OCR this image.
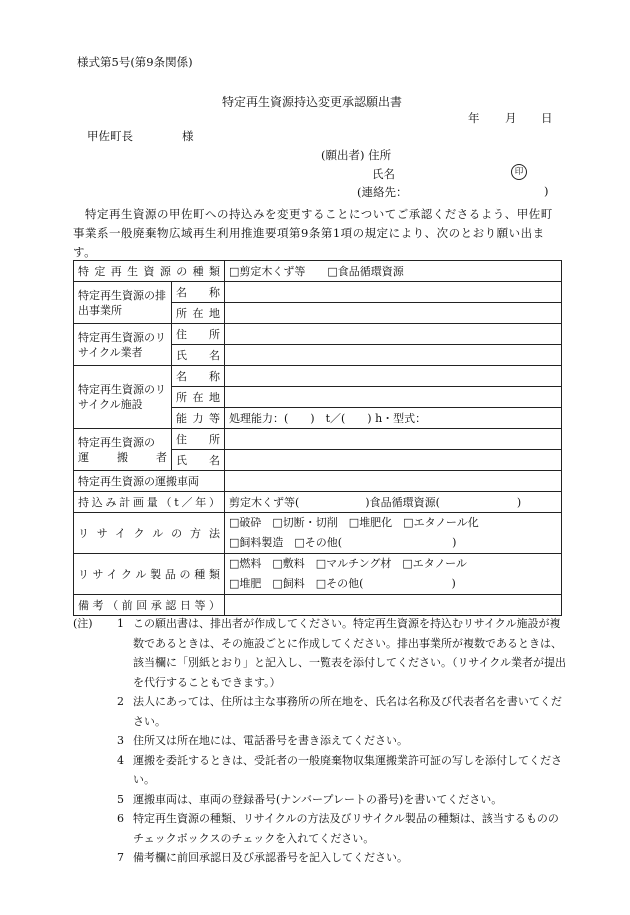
様式第5号(第9条関係)
特定再生資源持込変更承認願出書
年 月 日
甲佐町長	様
(願出者) 住所
氏名	印
(連絡先：	)
　特定再生資源の甲佐町への持込みを変更することについてご承認くださるよう、甲佐町事業系一般廃棄物広域再生利用推進要項第9条第1項の規定により、次のとおり願い出ます。
特定再生資源の種類		□剪定木くず等　　□食品循環資源
特定再生資源の排出事業所	名　称	
	所在地	
特定再生資源のリサイクル業者	住　所	
	氏　名	
特定再生資源のリサイクル施設	名　称	
	所在地	
	能力等	処理能力：(　　)　t／(　　) h・型式：

特定再生資源の
運　搬　者	住　所	
	氏　名	
特定再生資源の運搬車両		
持込み計画量（t／年）		剪定木くず等(　　　　　　)食品循環資源(　　　　　　　)
リサイクルの方法		□破砕　□切断・切削　□堆肥化　□エタノール化
□飼料製造　□その他(　　　　　　　　　　)

リサイクル製品の種類		□燃料　□敷料　□マルチング材　□エタノール
□堆肥　□飼料　□その他(　　　　　　　　)

備考（前回承認日等）		
(注) 1 この願出書は、排出者が作成してください。特定再生資源を持込むリサイクル施設が複数であるときは、その施設ごとに作成してください。排出事業所が複数であるときは、該当欄に「別紙とおり」と記入し、一覧表を添付してください。（リサイクル業者が提出を代行することもできます。）
2 法人にあっては、住所は主な事務所の所在地を、氏名は名称及び代表者名を書いてください。
3 住所又は所在地には、電話番号を書き添えてください。
4 運搬を委託するときは、受託者の一般廃棄物収集運搬業許可証の写しを添付してください。
5 運搬車両は、車両の登録番号(ナンバープレートの番号)を書いてください。
6 特定再生資源の種類、リサイクルの方法及びリサイクル製品の種類は、該当するもののチェックボックスのチェックを入れてください。
7 備考欄に前回承認日及び承認番号を記入してください。
